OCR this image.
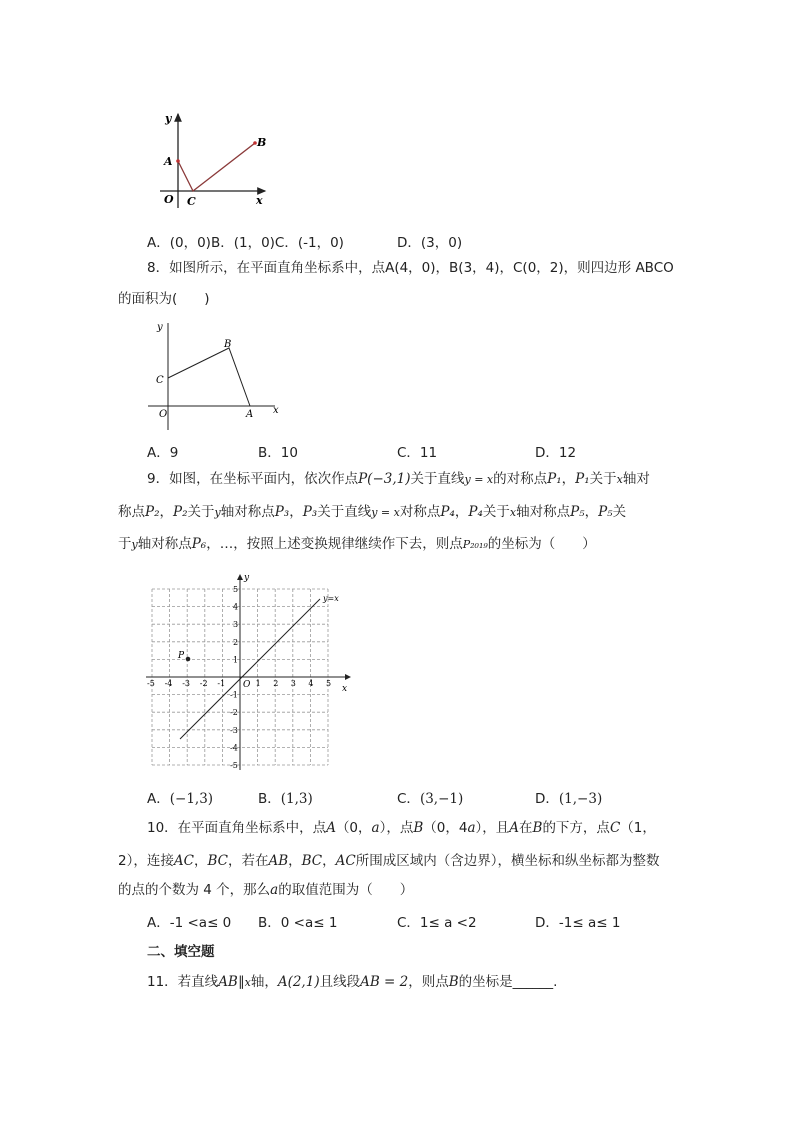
y
A
B
O C	x
A．(0，0)B．(1，0)C．(-1，0)	D．(3，0)
8．如图所示，在平面直角坐标系中，点A(4，0)，B(3，4)，C(0，2)，则四边形 ABCO
的面积为(　　)
y
B
C
O	A x
A．9	B．10	C．11	D．12
9．如图，在坐标平面内，依次作点P(−3,1)关于直线y = x的对称点P₁，P₁关于x轴对
称点P₂，P₂关于y轴对称点P₃，P₃关于直线y = x对称点P₄，P₄关于x轴对称点P₅，P₅关
于y轴对称点P₆，…，按照上述变换规律继续作下去，则点P₂₀₁₉的坐标为（　　）
-5 -4 -3 -2 -1	1 2 3 4 5
5
4
3
2
1
-1
-2
-3
-4
-5
y
x
O
P
y=x
A．(−1,3)	B．(1,3)	C．(3,−1)	D．(1,−3)
10．在平面直角坐标系中，点A（0，a），点B（0，4a），且A在B的下方，点C（1，
2），连接AC，BC，若在AB，BC，AC所围成区域内（含边界），横坐标和纵坐标都为整数
的点的个数为 4 个，那么a的取值范围为（　　）
A．-1 <a≤ 0 B．0 <a≤ 1	C．1≤ a <2	D．-1≤ a≤ 1
二、填空题
11．若直线AB∥x轴，A(2,1)且线段AB = 2，则点B的坐标是______.
